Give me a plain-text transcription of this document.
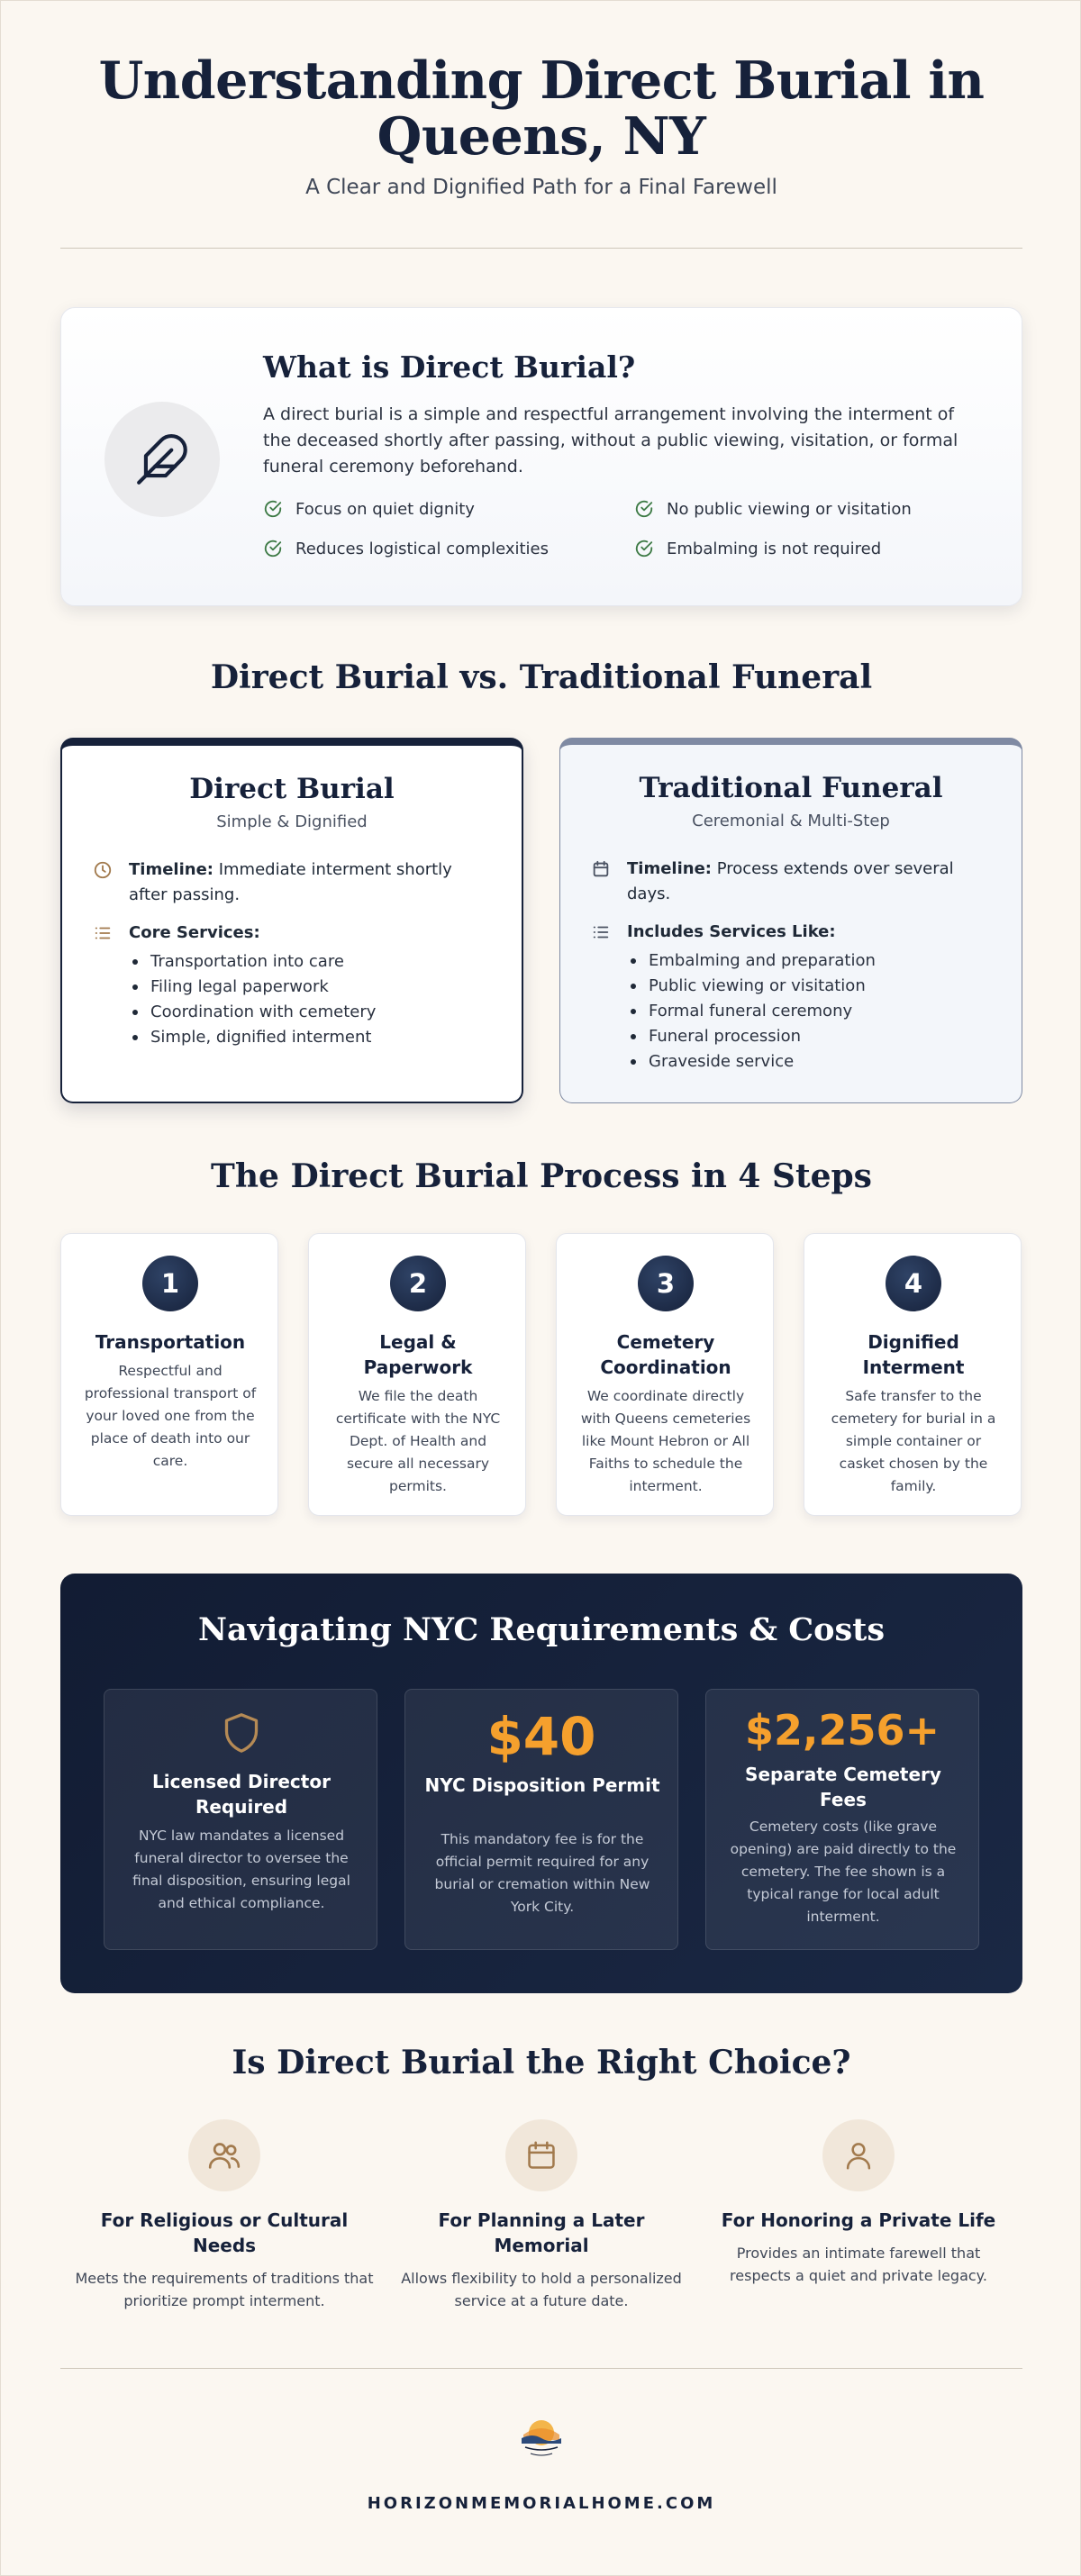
Understanding Direct Burial in Queens, NY
A Clear and Dignified Path for a Final Farewell
What is Direct Burial?
A direct burial is a simple and respectful arrangement involving the interment of the deceased shortly after passing, without a public viewing, visitation, or formal funeral ceremony beforehand.
Focus on quiet dignity	No public viewing or visitation
Reduces logistical complexities	Embalming is not required
Direct Burial vs. Traditional Funeral
Direct Burial
Simple & Dignified
Timeline: Immediate interment shortly after passing.
Core Services:
Transportation into care
Filing legal paperwork
Coordination with cemetery
Simple, dignified interment
Traditional Funeral
Ceremonial & Multi-Step
Timeline: Process extends over several days.
Includes Services Like:
Embalming and preparation
Public viewing or visitation
Formal funeral ceremony
Funeral procession
Graveside service
The Direct Burial Process in 4 Steps
1
Transportation
Respectful and professional transport of your loved one from the place of death into our care.
2
Legal & Paperwork
We file the death certificate with the NYC Dept. of Health and secure all necessary permits.
3
Cemetery Coordination
We coordinate directly with Queens cemeteries like Mount Hebron or All Faiths to schedule the interment.
4
Dignified Interment
Safe transfer to the cemetery for burial in a simple container or casket chosen by the family.
Navigating NYC Requirements & Costs
Licensed Director Required
NYC law mandates a licensed funeral director to oversee the final disposition, ensuring legal and ethical compliance.
$40
NYC Disposition Permit
This mandatory fee is for the official permit required for any burial or cremation within New York City.
$2,256+
Separate Cemetery Fees
Cemetery costs (like grave opening) are paid directly to the cemetery. The fee shown is a typical range for local adult interment.
Is Direct Burial the Right Choice?
For Religious or Cultural Needs
Meets the requirements of traditions that prioritize prompt interment.
For Planning a Later Memorial
Allows flexibility to hold a personalized service at a future date.
For Honoring a Private Life
Provides an intimate farewell that respects a quiet and private legacy.
HORIZONMEMORIALHOME.COM
